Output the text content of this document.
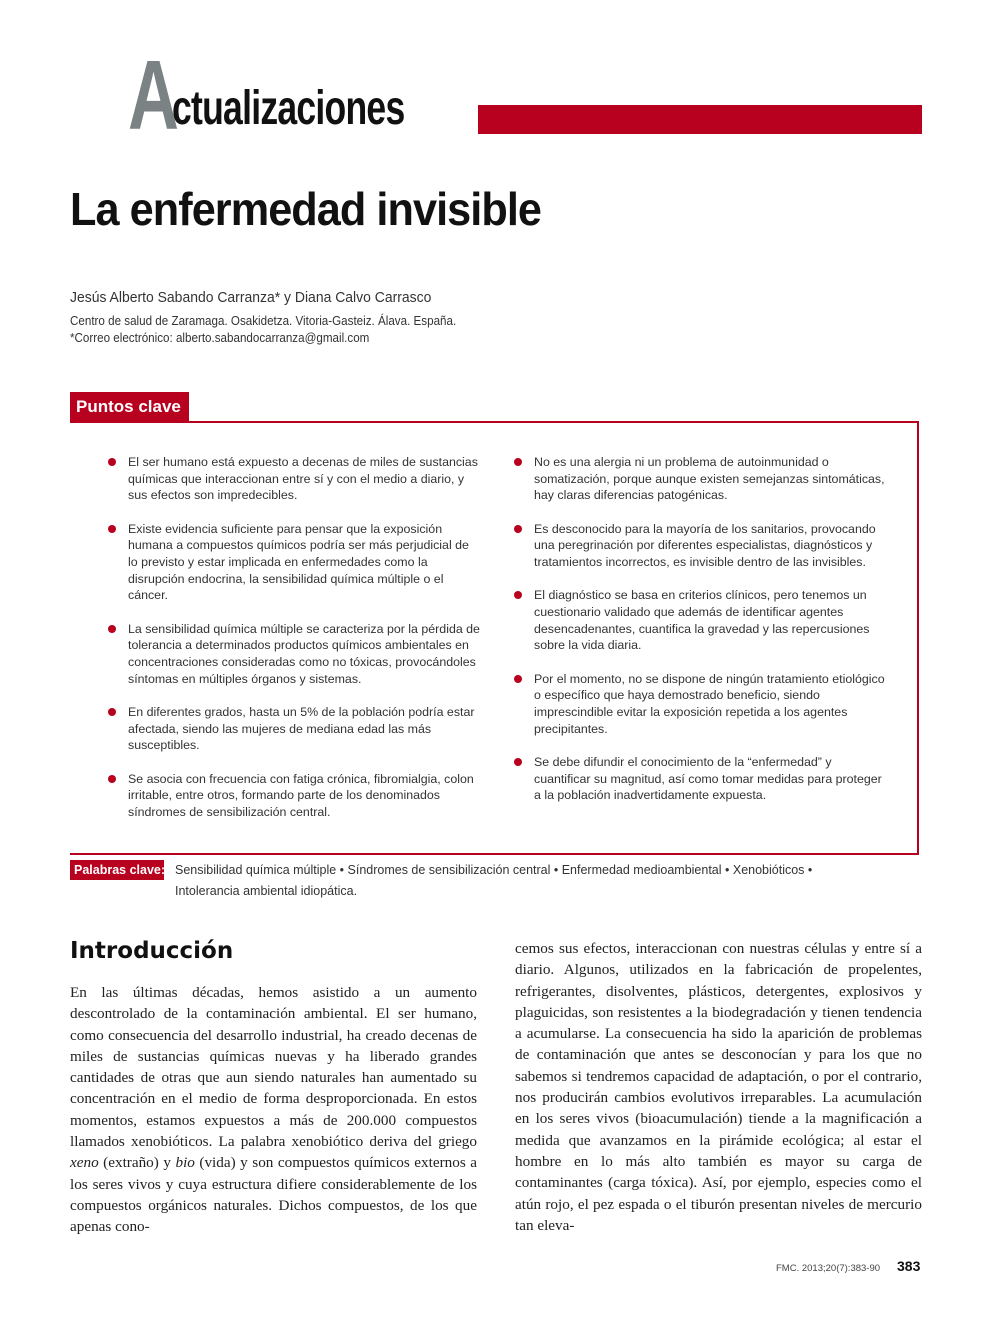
A
ctualizaciones
La enfermedad invisible
Jesús Alberto Sabando Carranza* y Diana Calvo Carrasco
Centro de salud de Zaramaga. Osakidetza. Vitoria-Gasteiz. Álava. España.
*Correo electrónico: alberto.sabandocarranza@gmail.com
Puntos clave
El ser humano está expuesto a decenas de miles de sustancias químicas que interaccionan entre sí y con el medio a diario, y sus efectos son impredecibles.
Existe evidencia suficiente para pensar que la exposición humana a compuestos químicos podría ser más perjudicial de lo previsto y estar implicada en enfermedades como la disrupción endocrina, la sensibilidad química múltiple o el cáncer.
La sensibilidad química múltiple se caracteriza por la pérdida de tolerancia a determinados productos químicos ambientales en concentraciones consideradas como no tóxicas, provocándoles síntomas en múltiples órganos y sistemas.
En diferentes grados, hasta un 5% de la población podría estar afectada, siendo las mujeres de mediana edad las más susceptibles.
Se asocia con frecuencia con fatiga crónica, fibromialgia, colon irritable, entre otros, formando parte de los denominados síndromes de sensibilización central.
No es una alergia ni un problema de autoinmunidad o somatización, porque aunque existen semejanzas sintomáticas, hay claras diferencias patogénicas.
Es desconocido para la mayoría de los sanitarios, provocando una peregrinación por diferentes especialistas, diagnósticos y tratamientos incorrectos, es invisible dentro de las invisibles.
El diagnóstico se basa en criterios clínicos, pero tenemos un cuestionario validado que además de identificar agentes desencadenantes, cuantifica la gravedad y las repercusiones sobre la vida diaria.
Por el momento, no se dispone de ningún tratamiento etiológico o específico que haya demostrado beneficio, siendo imprescindible evitar la exposición repetida a los agentes precipitantes.
Se debe difundir el conocimiento de la “enfermedad” y cuantificar su magnitud, así como tomar medidas para proteger a la población inadvertidamente expuesta.
Palabras clave: Sensibilidad química múltiple • Síndromes de sensibilización central • Enfermedad medioambiental • Xenobióticos • Intolerancia ambiental idiopática.
Introducción
En las últimas décadas, hemos asistido a un aumento descontrolado de la contaminación ambiental. El ser humano, como consecuencia del desarrollo industrial, ha creado decenas de miles de sustancias químicas nuevas y ha liberado grandes cantidades de otras que aun siendo naturales han aumentado su concentración en el medio de forma desproporcionada. En estos momentos, estamos expuestos a más de 200.000 compuestos llamados xenobióticos. La palabra xenobiótico deriva del griego xeno (extraño) y bio (vida) y son compuestos químicos externos a los seres vivos y cuya estructura difiere considerablemente de los compuestos orgánicos naturales. Dichos compuestos, de los que apenas cono-
cemos sus efectos, interaccionan con nuestras células y entre sí a diario. Algunos, utilizados en la fabricación de propelentes, refrigerantes, disolventes, plásticos, detergentes, explosivos y plaguicidas, son resistentes a la biodegradación y tienen tendencia a acumularse. La consecuencia ha sido la aparición de problemas de contaminación que antes se desconocían y para los que no sabemos si tendremos capacidad de adaptación, o por el contrario, nos producirán cambios evolutivos irreparables. La acumulación en los seres vivos (bioacumulación) tiende a la magnificación a medida que avanzamos en la pirámide ecológica; al estar el hombre en lo más alto también es mayor su carga de contaminantes (carga tóxica). Así, por ejemplo, especies como el atún rojo, el pez espada o el tiburón presentan niveles de mercurio tan eleva-
FMC. 2013;20(7):383-90 383
